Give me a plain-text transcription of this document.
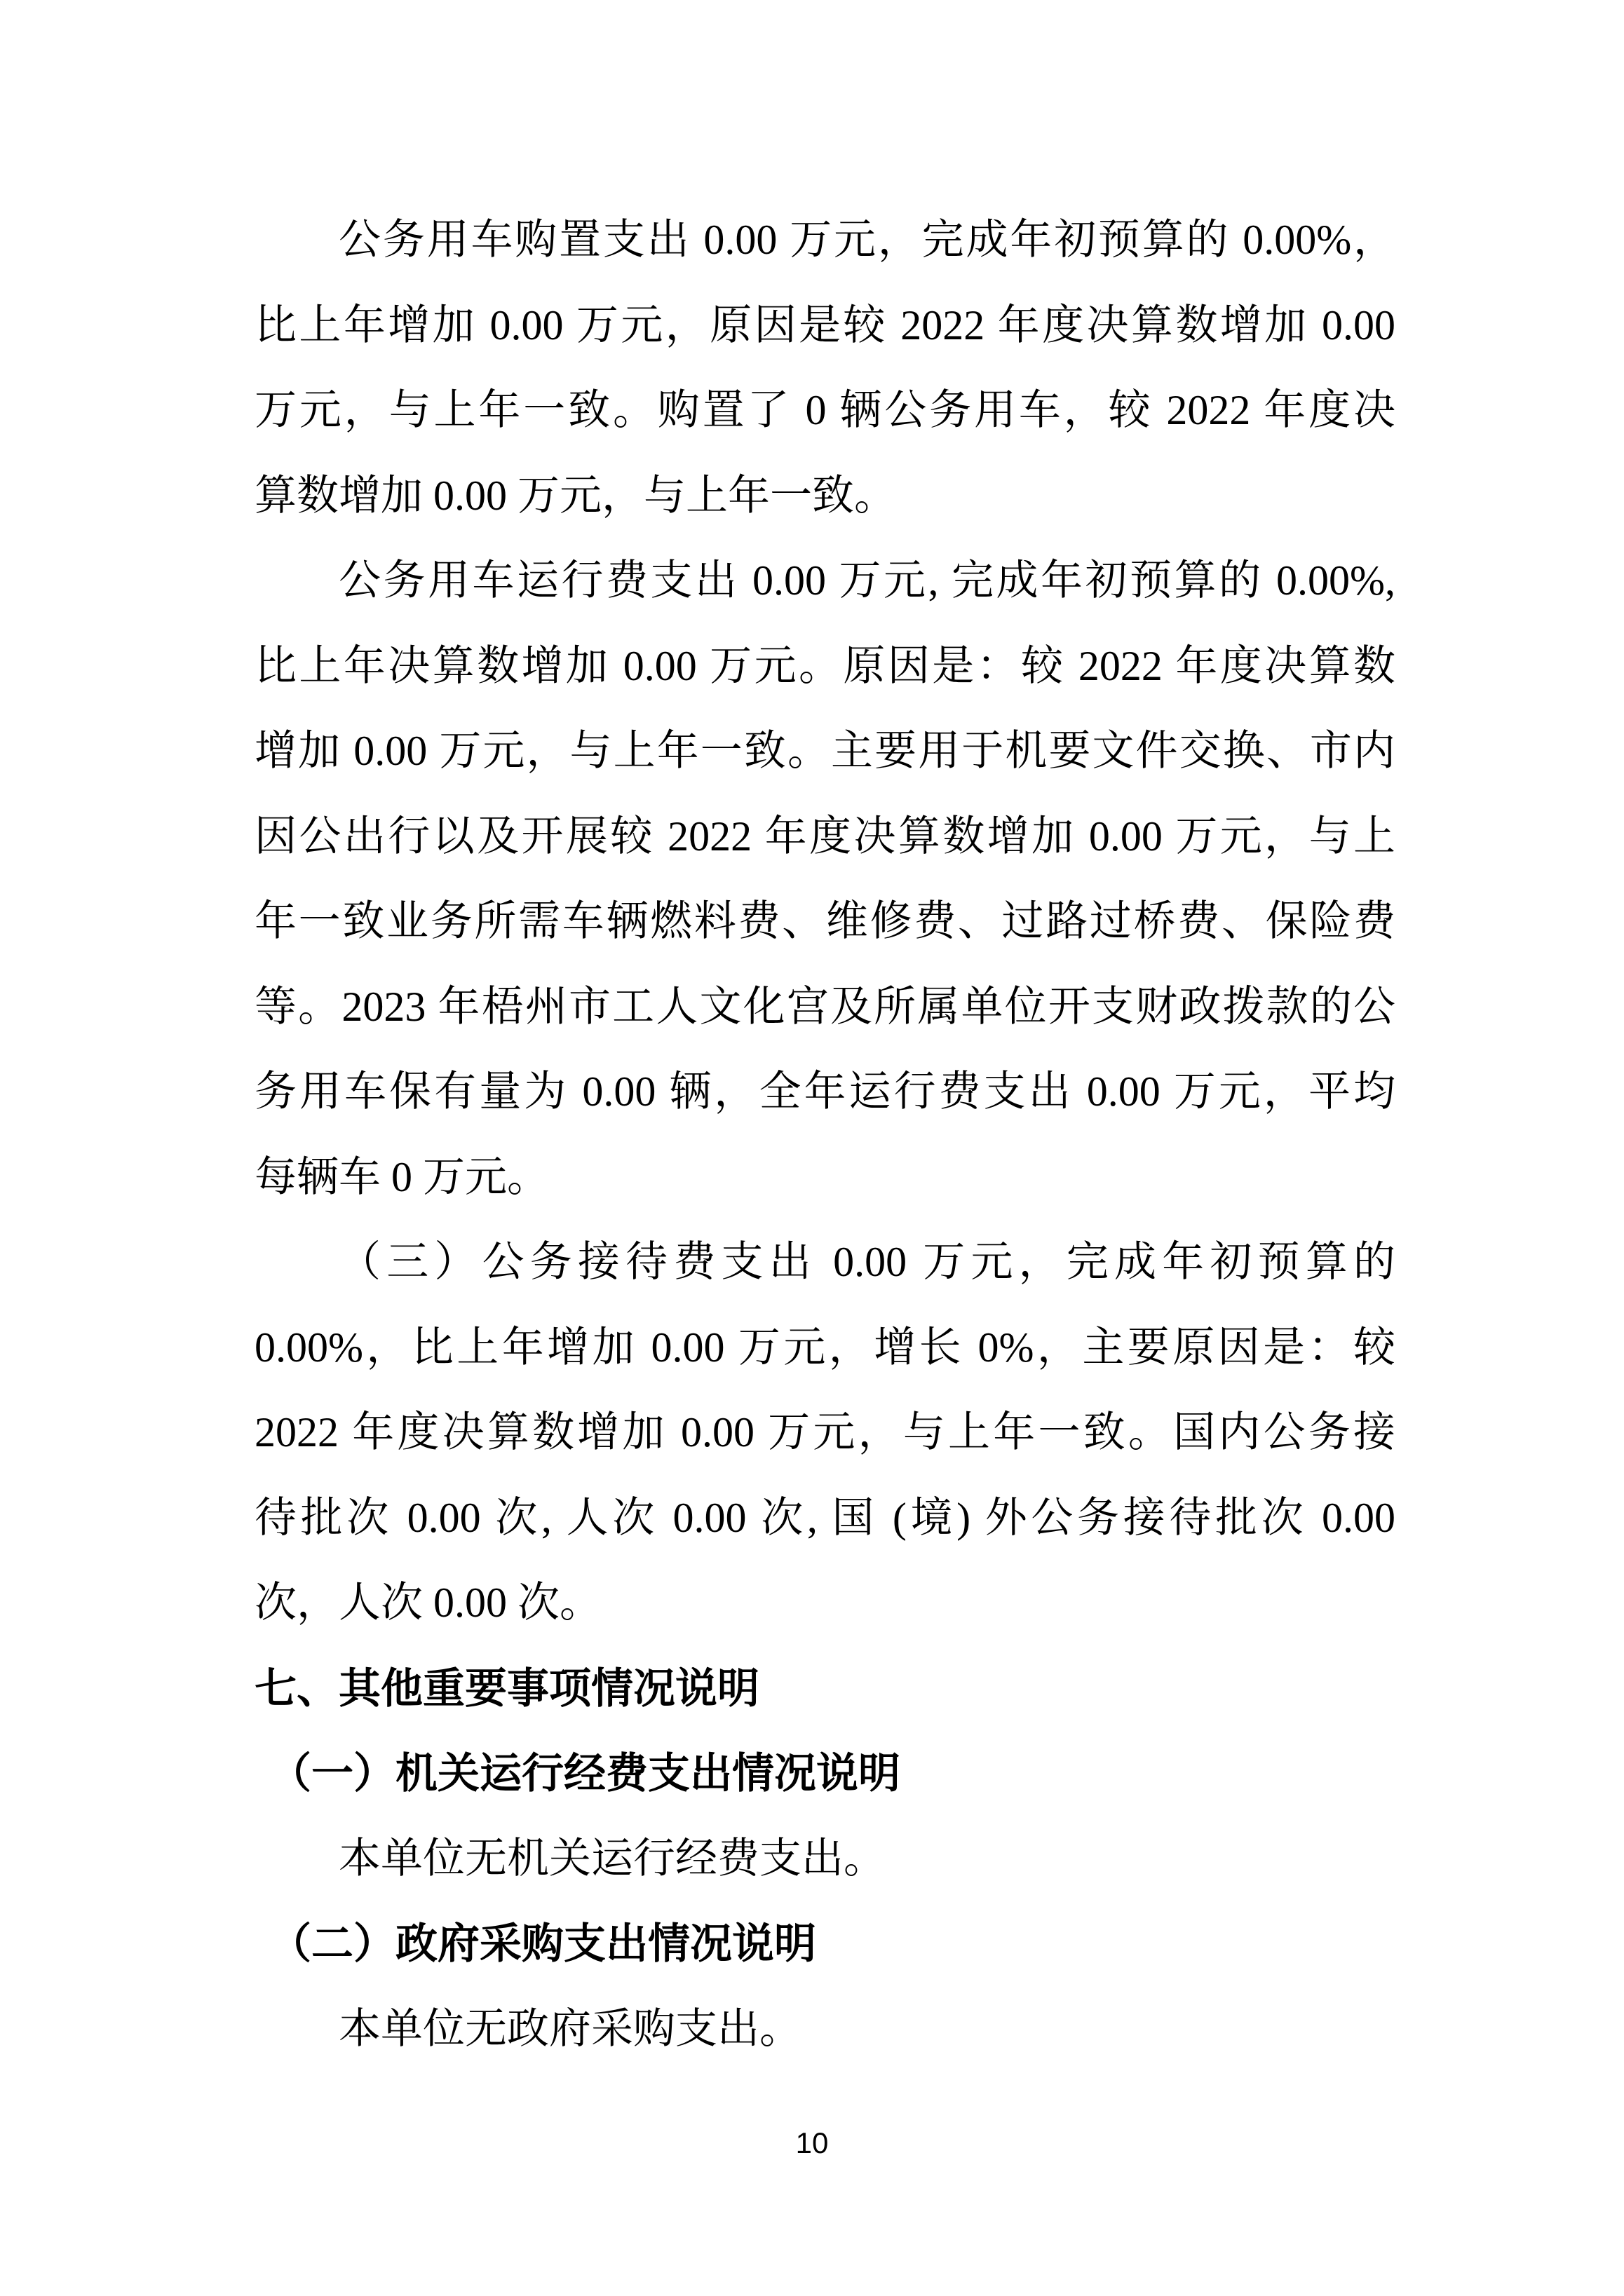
公务用车购置支出 0.00 万元，完成年初预算的 0.00%，
比上年增加 0.00 万元，原因是较 2022 年度决算数增加 0.00
万元，与上年一致。购置了 0 辆公务用车，较 2022 年度决
算数增加 0.00 万元，与上年一致。
公务用车运行费支出 0.00 万元, 完成年初预算的 0.00%,
比上年决算数增加 0.00 万元。原因是：较 2022 年度决算数
增加 0.00 万元，与上年一致。主要用于机要文件交换、市内
因公出行以及开展较 2022 年度决算数增加 0.00 万元，与上
年一致业务所需车辆燃料费、维修费、过路过桥费、保险费
等。2023 年梧州市工人文化宫及所属单位开支财政拨款的公
务用车保有量为 0.00 辆，全年运行费支出 0.00 万元，平均
每辆车 0 万元。
（三）公务接待费支出 0.00 万元，完成年初预算的
0.00%，比上年增加 0.00 万元，增长 0%，主要原因是：较
2022 年度决算数增加 0.00 万元，与上年一致。国内公务接
待批次 0.00 次, 人次 0.00 次, 国 (境) 外公务接待批次 0.00
次，人次 0.00 次。
七、其他重要事项情况说明
（一）机关运行经费支出情况说明
本单位无机关运行经费支出。
（二）政府采购支出情况说明
本单位无政府采购支出。
10
